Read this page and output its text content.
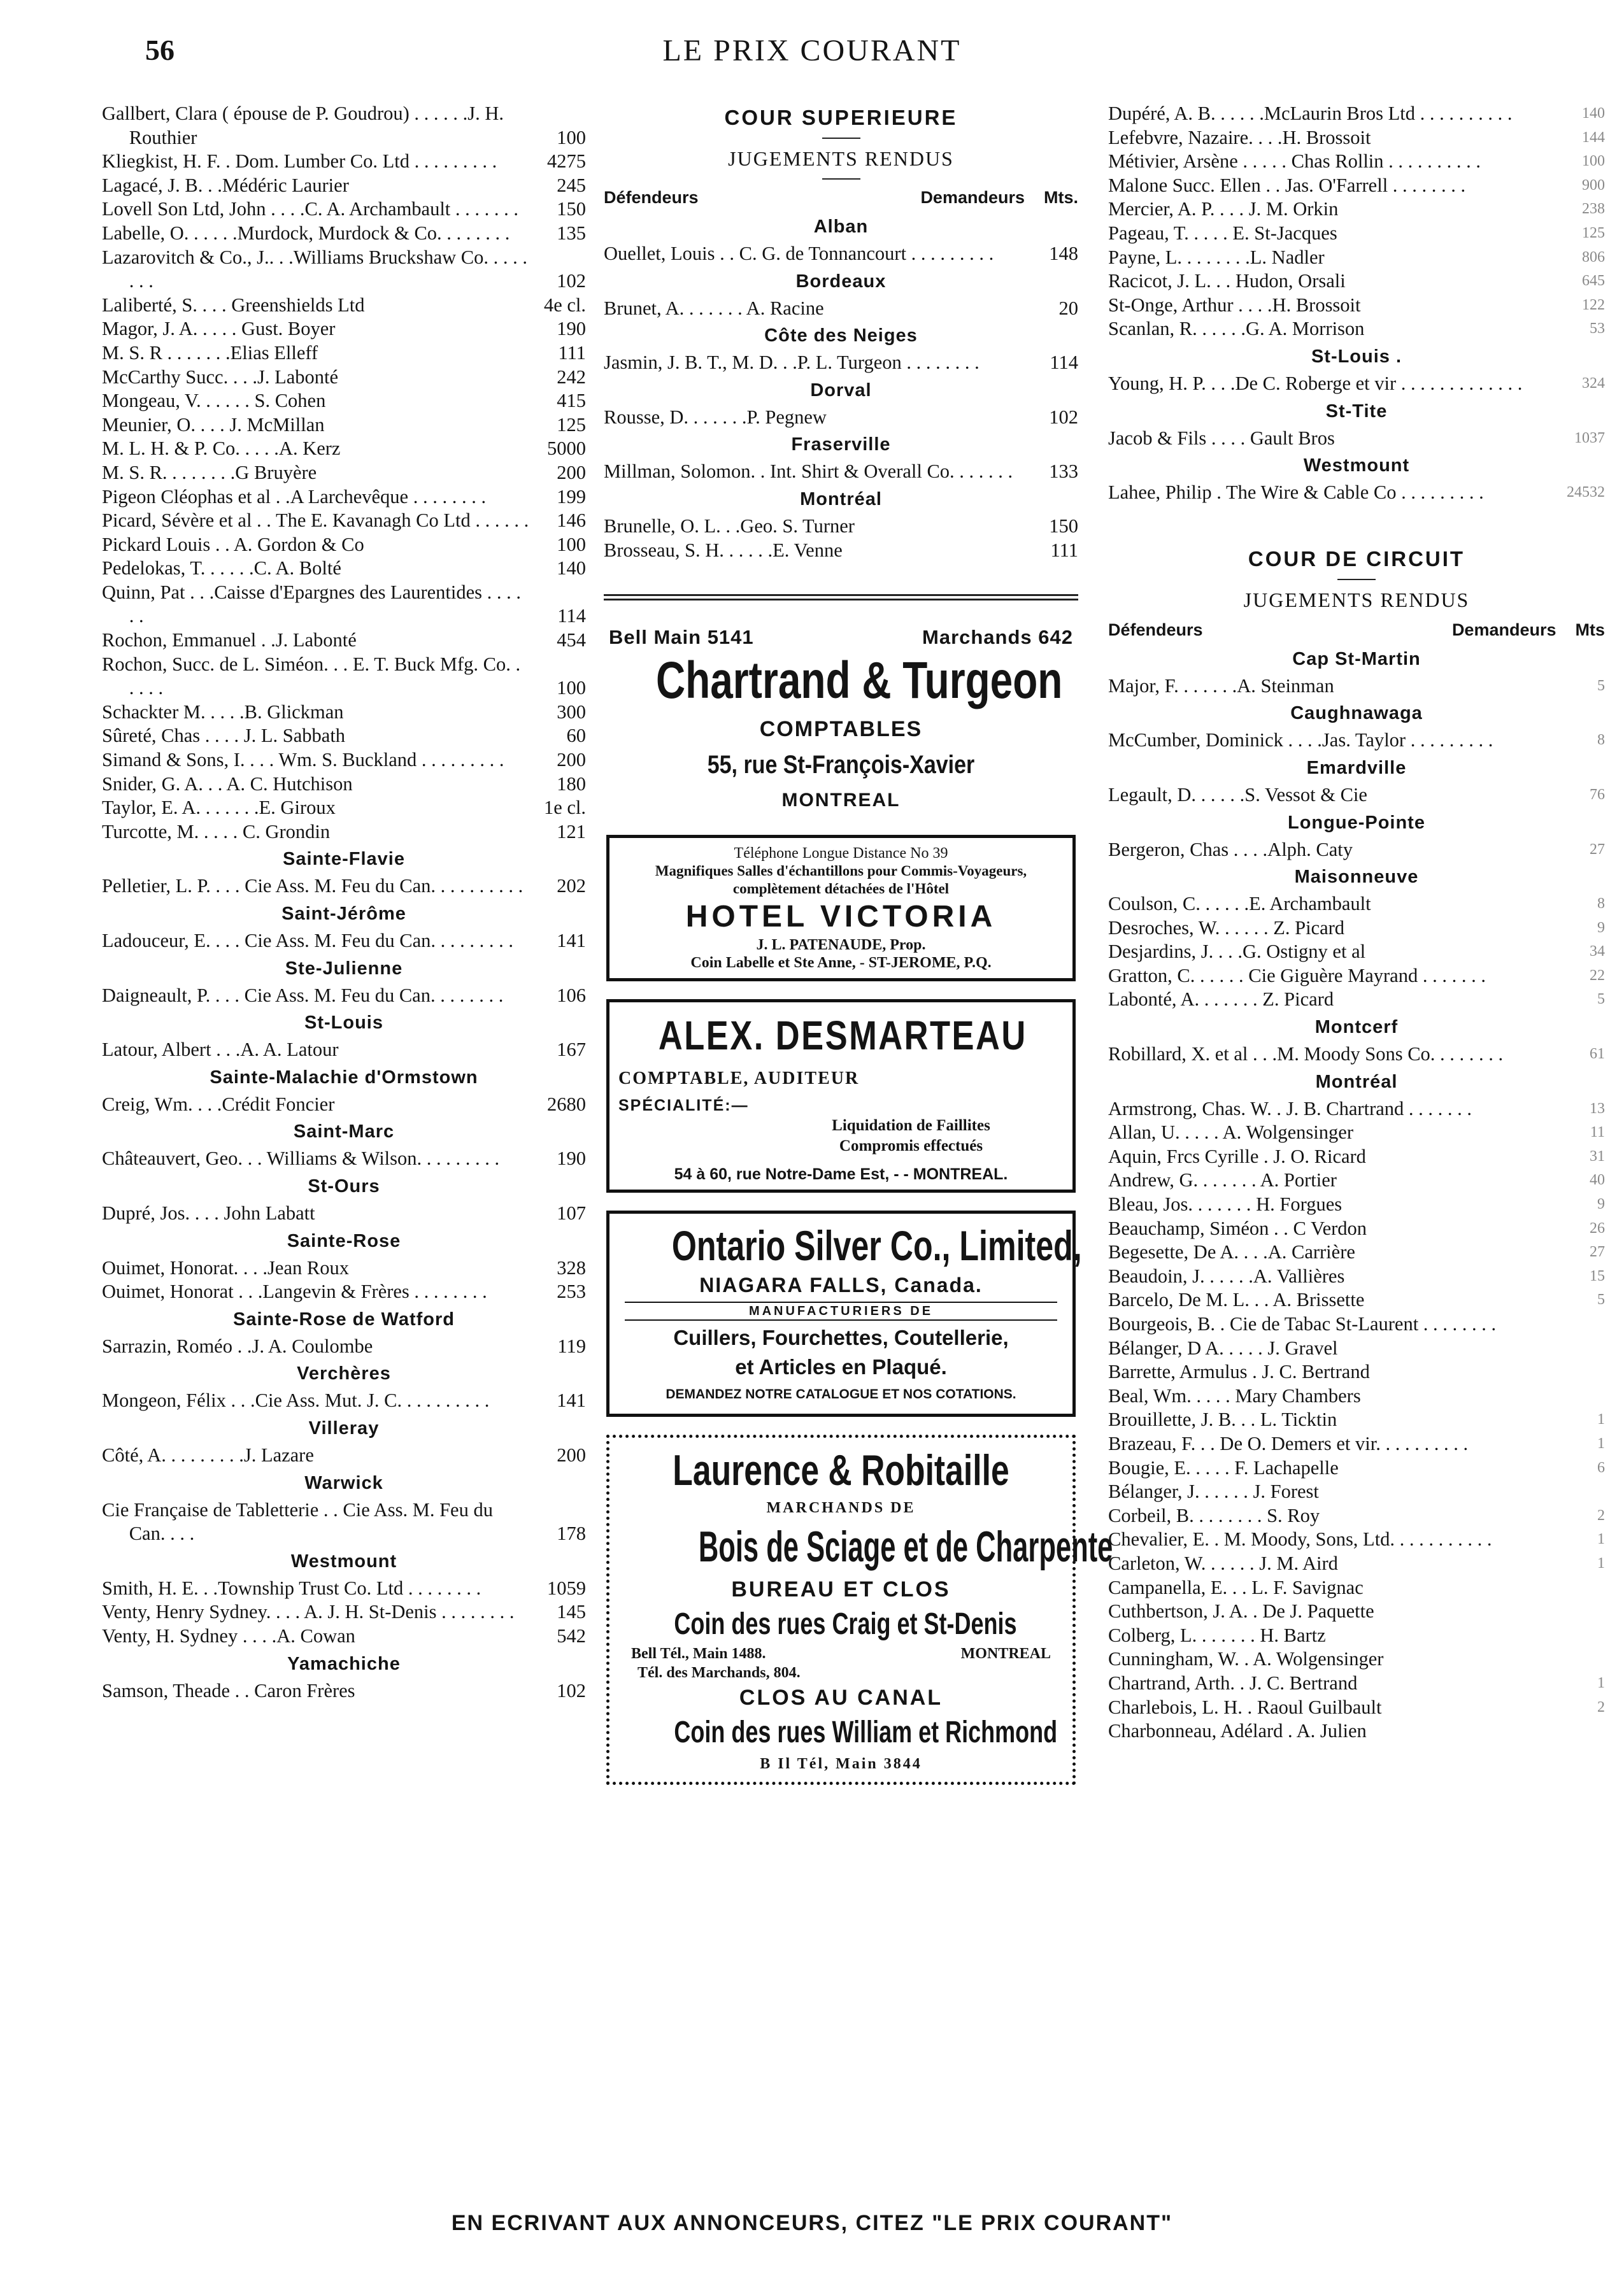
56	LE PRIX COURANT
Gallbert, Clara ( épouse de P. Goudrou) . . . . . .J. H. Routhier	100
Kliegkist, H. F. . Dom. Lumber Co. Ltd . . . . . . . . .	4275
Lagacé, J. B. . .Médéric Laurier	245
Lovell Son Ltd, John . . . .C. A. Archambault . . . . . . .	150
Labelle, O. . . . . .Murdock, Murdock & Co. . . . . . . .	135
Lazarovitch & Co., J.. . .Williams Bruckshaw Co. . . . . . . .	102
Laliberté, S. . . . Greenshields Ltd	4e cl.
Magor, J. A. . . . . Gust. Boyer	190
M. S. R . . . . . . .Elias Elleff	111
McCarthy Succ. . . .J. Labonté	242
Mongeau, V. . . . . . S. Cohen	415
Meunier, O. . . . J. McMillan	125
M. L. H. & P. Co. . . . .A. Kerz	5000
M. S. R. . . . . . . .G Bruyère	200
Pigeon Cléophas et al . .A Larchevêque . . . . . . . .	199
Picard, Sévère et al . . The E. Kavanagh Co Ltd . . . . . .	146
Pickard Louis . . A. Gordon & Co	100
Pedelokas, T. . . . . .C. A. Bolté	140
Quinn, Pat . . .Caisse d'Epargnes des Laurentides . . . . . .	114
Rochon, Emmanuel . .J. Labonté	454
Rochon, Succ. de L. Siméon. . . E. T. Buck Mfg. Co. . . . . .	100
Schackter M. . . . .B. Glickman	300
Sûreté, Chas . . . . J. L. Sabbath	60
Simand & Sons, I. . . . Wm. S. Buckland . . . . . . . . .	200
Snider, G. A. . . A. C. Hutchison	180
Taylor, E. A. . . . . . .E. Giroux	1e cl.
Turcotte, M. . . . . C. Grondin	121
Sainte-Flavie
Pelletier, L. P. . . . Cie Ass. M. Feu du Can. . . . . . . . . .	202
Saint-Jérôme
Ladouceur, E. . . . Cie Ass. M. Feu du Can. . . . . . . . .	141
Ste-Julienne
Daigneault, P. . . . Cie Ass. M. Feu du Can. . . . . . . .	106
St-Louis
Latour, Albert . . .A. A. Latour	167
Sainte-Malachie d'Ormstown
Creig, Wm. . . .Crédit Foncier	2680
Saint-Marc
Châteauvert, Geo. . . Williams & Wilson. . . . . . . . .	190
St-Ours
Dupré, Jos. . . . John Labatt	107
Sainte-Rose
Ouimet, Honorat. . . .Jean Roux	328
Ouimet, Honorat . . .Langevin & Frères . . . . . . . .	253
Sainte-Rose de Watford
Sarrazin, Roméo . .J. A. Coulombe	119
Verchères
Mongeon, Félix . . .Cie Ass. Mut. J. C. . . . . . . . . .	141
Villeray
Côté, A. . . . . . . . .J. Lazare	200
Warwick
Cie Française de Tabletterie . . Cie Ass. M. Feu du Can. . . .	178
Westmount
Smith, H. E. . .Township Trust Co. Ltd . . . . . . . .	1059
Venty, Henry Sydney. . . . A. J. H. St-Denis . . . . . . . .	145
Venty, H. Sydney . . . .A. Cowan	542
Yamachiche
Samson, Theade . . Caron Frères	102
COUR SUPERIEURE
JUGEMENTS RENDUS
Défendeurs	Demandeurs	Mts.
Alban
Ouellet, Louis . . C. G. de Tonnancourt . . . . . . . . .	148
Bordeaux
Brunet, A. . . . . . . A. Racine	20
Côte des Neiges
Jasmin, J. B. T., M. D. . .P. L. Turgeon . . . . . . . .	114
Dorval
Rousse, D. . . . . . .P. Pegnew	102
Fraserville
Millman, Solomon. . Int. Shirt & Overall Co. . . . . . .	133
Montréal
Brunelle, O. L. . .Geo. S. Turner	150
Brosseau, S. H. . . . . .E. Venne	111
Bell Main 5141	Marchands 642
Chartrand & Turgeon
COMPTABLES
55, rue St-François-Xavier
MONTREAL
Téléphone Longue Distance No 39
Magnifiques Salles d'échantillons pour Commis-Voyageurs, complètement détachées de l'Hôtel
HOTEL VICTORIA
J. L. PATENAUDE, Prop.
Coin Labelle et Ste Anne, - ST-JEROME, P.Q.
ALEX. DESMARTEAU
COMPTABLE, AUDITEUR
SPÉCIALITÉ:—
Liquidation de Faillites
Compromis effectués
54 à 60, rue Notre-Dame Est, - - MONTREAL.
Ontario Silver Co., Limited,
NIAGARA FALLS, Canada.
MANUFACTURIERS DE
Cuillers, Fourchettes, Coutellerie,
et Articles en Plaqué.
DEMANDEZ NOTRE CATALOGUE ET NOS COTATIONS.
Laurence & Robitaille
MARCHANDS DE
Bois de Sciage et de Charpente
BUREAU ET CLOS
Coin des rues Craig et St-Denis
Bell Tél., Main 1488.	MONTREAL
Tél. des Marchands, 804.
CLOS AU CANAL
Coin des rues William et Richmond
B Il Tél, Main 3844
Dupéré, A. B. . . . . .McLaurin Bros Ltd . . . . . . . . . .	140
Lefebvre, Nazaire. . . .H. Brossoit	144
Métivier, Arsène . . . . . Chas Rollin . . . . . . . . . .	100
Malone Succ. Ellen . . Jas. O'Farrell . . . . . . . .	900
Mercier, A. P. . . . J. M. Orkin	238
Pageau, T. . . . . E. St-Jacques	125
Payne, L. . . . . . . .L. Nadler	806
Racicot, J. L. . . Hudon, Orsali	645
St-Onge, Arthur . . . .H. Brossoit	122
Scanlan, R. . . . . .G. A. Morrison	53
St-Louis .
Young, H. P. . . .De C. Roberge et vir . . . . . . . . . . . . .	324
St-Tite
Jacob & Fils . . . . Gault Bros	1037
Westmount
Lahee, Philip . The Wire & Cable Co . . . . . . . . .	24532
COUR DE CIRCUIT
JUGEMENTS RENDUS
Défendeurs	Demandeurs	Mts
Cap St-Martin
Major, F. . . . . . .A. Steinman	5
Caughnawaga
McCumber, Dominick . . . .Jas. Taylor . . . . . . . . .	8
Emardville
Legault, D. . . . . .S. Vessot & Cie	76
Longue-Pointe
Bergeron, Chas . . . .Alph. Caty	27
Maisonneuve
Coulson, C. . . . . .E. Archambault	8
Desroches, W. . . . . . Z. Picard	9
Desjardins, J. . . .G. Ostigny et al	34
Gratton, C. . . . . . Cie Giguère Mayrand . . . . . . .	22
Labonté, A. . . . . . . Z. Picard	5
Montcerf
Robillard, X. et al . . .M. Moody Sons Co. . . . . . . .	61
Montréal
Armstrong, Chas. W. . J. B. Chartrand . . . . . . .	13
Allan, U. . . . . A. Wolgensinger	11
Aquin, Frcs Cyrille . J. O. Ricard	31
Andrew, G. . . . . . . A. Portier	40
Bleau, Jos. . . . . . . H. Forgues	9
Beauchamp, Siméon . . C Verdon	26
Begesette, De A. . . .A. Carrière	27
Beaudoin, J. . . . . .A. Vallières	15
Barcelo, De M. L. . . A. Brissette	5
Bourgeois, B. . Cie de Tabac St-Laurent . . . . . . . .
Bélanger, D A. . . . . J. Gravel
Barrette, Armulus . J. C. Bertrand
Beal, Wm. . . . . Mary Chambers
Brouillette, J. B. . . L. Ticktin	1
Brazeau, F. . . De O. Demers et vir. . . . . . . . . .	1
Bougie, E. . . . . F. Lachapelle	6
Bélanger, J. . . . . . J. Forest
Corbeil, B. . . . . . . . S. Roy	2
Chevalier, E. . M. Moody, Sons, Ltd. . . . . . . . . . .	1
Carleton, W. . . . . . J. M. Aird	1
Campanella, E. . . L. F. Savignac
Cuthbertson, J. A. . De J. Paquette
Colberg, L. . . . . . . H. Bartz
Cunningham, W. . A. Wolgensinger
Chartrand, Arth. . J. C. Bertrand	1
Charlebois, L. H. . Raoul Guilbault	2
Charbonneau, Adélard . A. Julien
EN ECRIVANT AUX ANNONCEURS, CITEZ "LE PRIX COURANT"
